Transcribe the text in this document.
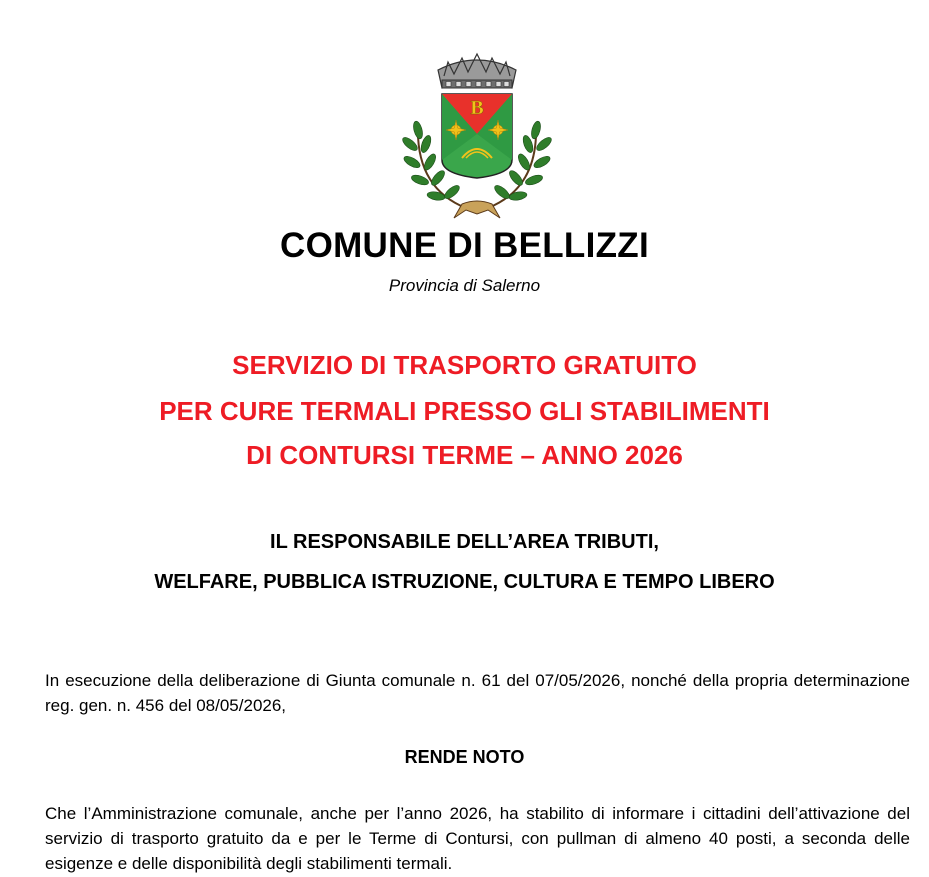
B
COMUNE DI BELLIZZI
Provincia di Salerno
SERVIZIO DI TRASPORTO GRATUITO
PER CURE TERMALI PRESSO GLI STABILIMENTI
DI CONTURSI TERME – ANNO 2026
IL RESPONSABILE DELL’AREA TRIBUTI,
WELFARE, PUBBLICA ISTRUZIONE, CULTURA E TEMPO LIBERO
In esecuzione della deliberazione di Giunta comunale n. 61 del 07/05/2026, nonché della propria determinazione reg. gen. n. 456 del 08/05/2026,
RENDE NOTO
Che l’Amministrazione comunale, anche per l’anno 2026, ha stabilito di informare i cittadini dell’attivazione del servizio di trasporto gratuito da e per le Terme di Contursi, con pullman di almeno 40 posti, a seconda delle esigenze e delle disponibilità degli stabilimenti termali.
